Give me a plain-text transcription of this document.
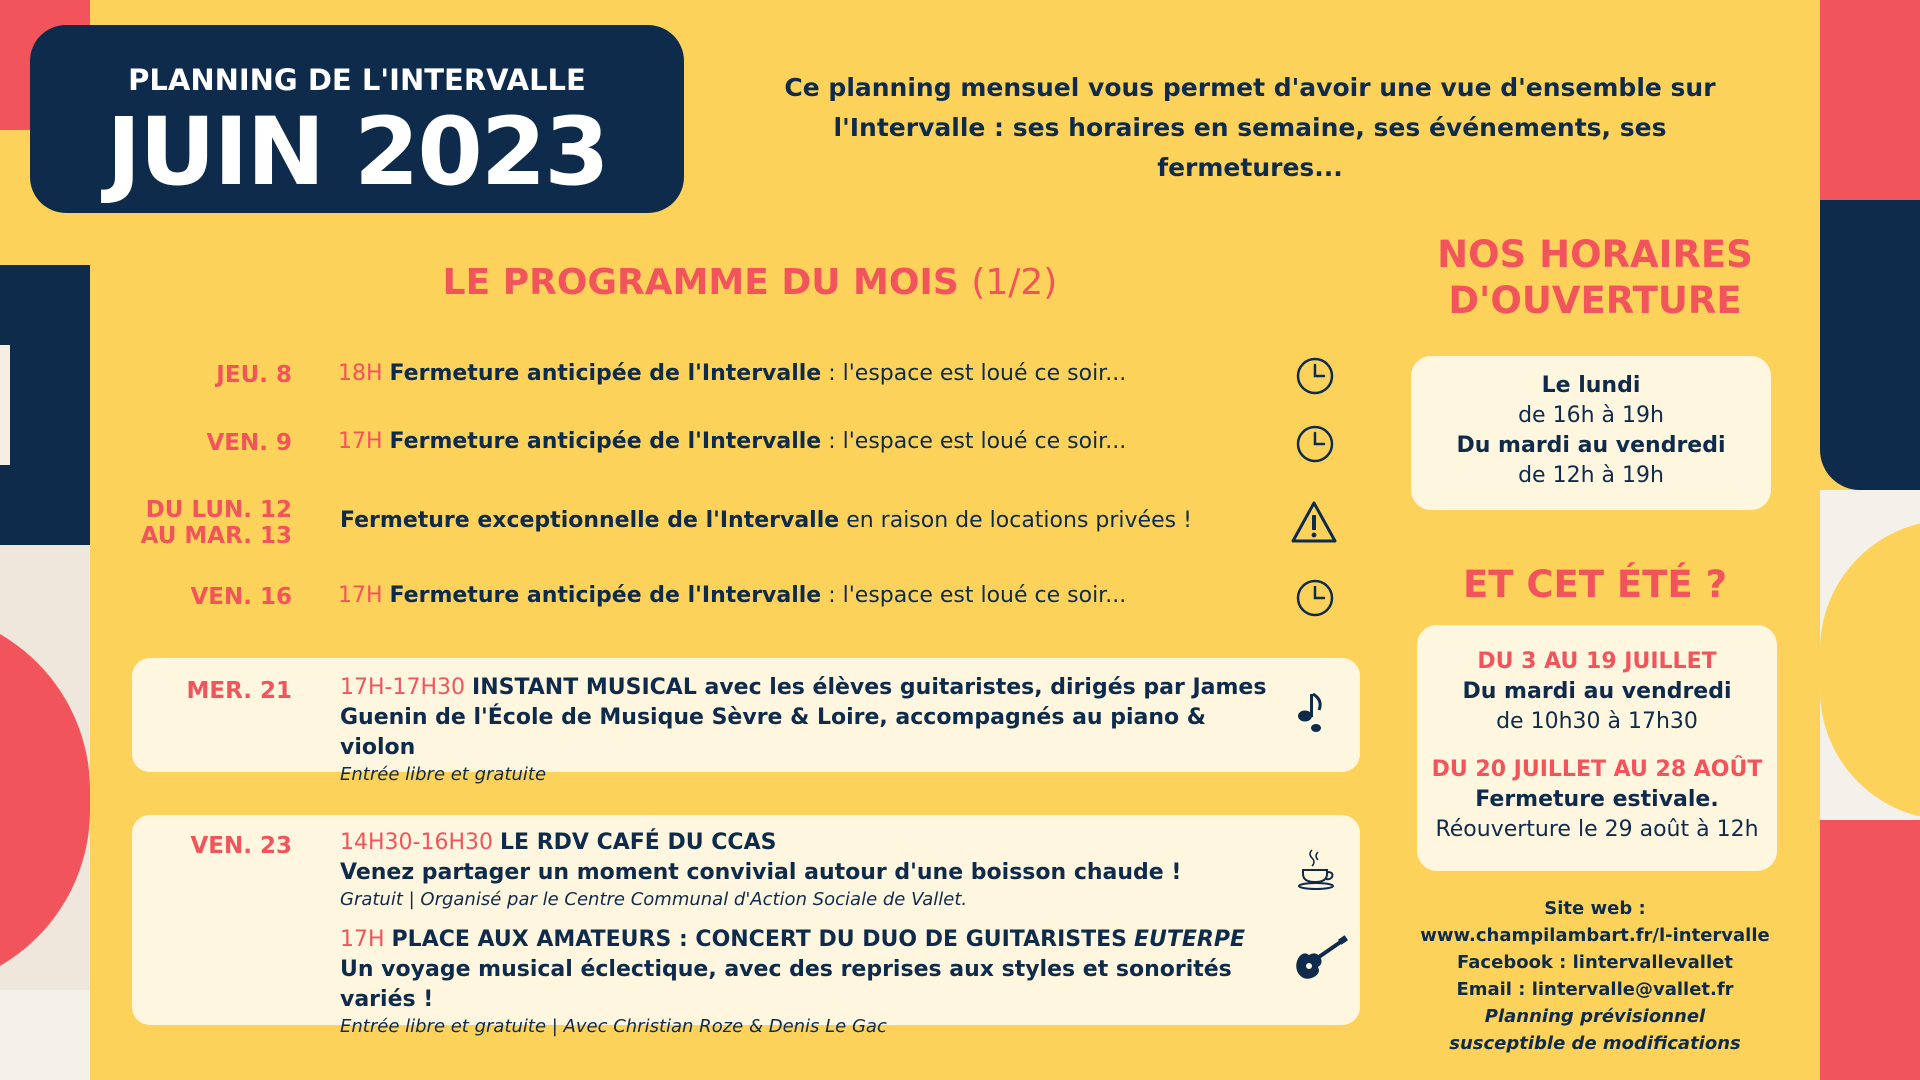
PLANNING DE L'INTERVALLE
JUIN 2023
Ce planning mensuel vous permet d'avoir une vue d'ensemble sur
l'Intervalle : ses horaires en semaine, ses événements, ses fermetures...
LE PROGRAMME DU MOIS (1/2)
JEU. 8 18H Fermeture anticipée de l'Intervalle : l'espace est loué ce soir...
VEN. 9 17H Fermeture anticipée de l'Intervalle : l'espace est loué ce soir...
DU LUN. 12
AU MAR. 13
Fermeture exceptionnelle de l'Intervalle en raison de locations privées !
VEN. 16 17H Fermeture anticipée de l'Intervalle : l'espace est loué ce soir...
MER. 21 17H-17H30 INSTANT MUSICAL avec les élèves guitaristes, dirigés par James
Guenin de l'École de Musique Sèvre & Loire, accompagnés au piano & violon
Entrée libre et gratuite
VEN. 23 14H30-16H30 LE RDV CAFÉ DU CCAS
Venez partager un moment convivial autour d'une boisson chaude !
Gratuit | Organisé par le Centre Communal d'Action Sociale de Vallet.
17H PLACE AUX AMATEURS : CONCERT DU DUO DE GUITARISTES EUTERPE
Un voyage musical éclectique, avec des reprises aux styles et sonorités variés !
Entrée libre et gratuite | Avec Christian Roze & Denis Le Gac
NOS HORAIRES
D'OUVERTURE
Le lundi
de 16h à 19h
Du mardi au vendredi
de 12h à 19h
ET CET ÉTÉ ?
DU 3 AU 19 JUILLET
Du mardi au vendredi
de 10h30 à 17h30
DU 20 JUILLET AU 28 AOÛT
Fermeture estivale.
Réouverture le 29 août à 12h
Site web :
www.champilambart.fr/l-intervalle
Facebook : lintervallevallet
Email : lintervalle@vallet.fr
Planning prévisionnel
susceptible de modifications
